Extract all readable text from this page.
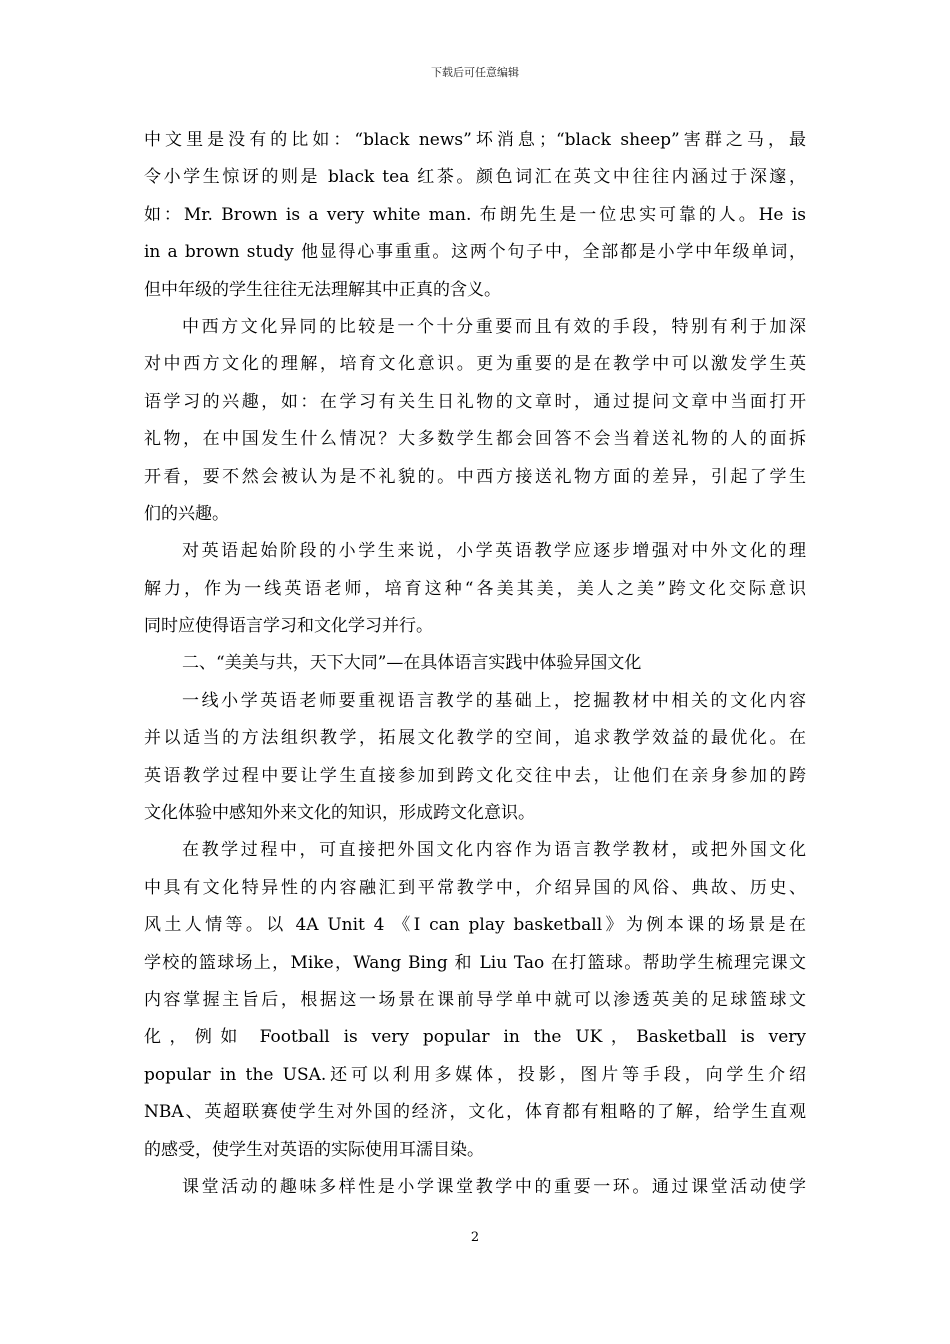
下载后可任意编辑
中文里是没有的比如：“black news”坏消息；“black sheep”害群之马，最
令小学生惊讶的则是 black tea 红茶。颜色词汇在英文中往往内涵过于深邃，
如：Mr. Brown is a very white man. 布朗先生是一位忠实可靠的人。He is
in a brown study 他显得心事重重。这两个句子中，全部都是小学中年级单词，
但中年级的学生往往无法理解其中正真的含义。
中西方文化异同的比较是一个十分重要而且有效的手段，特别有利于加深
对中西方文化的理解，培育文化意识。更为重要的是在教学中可以激发学生英
语学习的兴趣，如：在学习有关生日礼物的文章时，通过提问文章中当面打开
礼物，在中国发生什么情况？大多数学生都会回答不会当着送礼物的人的面拆
开看，要不然会被认为是不礼貌的。中西方接送礼物方面的差异，引起了学生
们的兴趣。
对英语起始阶段的小学生来说，小学英语教学应逐步增强对中外文化的理
解力，作为一线英语老师，培育这种“各美其美，美人之美”跨文化交际意识
同时应使得语言学习和文化学习并行。
二、“美美与共，天下大同”—在具体语言实践中体验异国文化
一线小学英语老师要重视语言教学的基础上，挖掘教材中相关的文化内容
并以适当的方法组织教学，拓展文化教学的空间，追求教学效益的最优化。在
英语教学过程中要让学生直接参加到跨文化交往中去，让他们在亲身参加的跨
文化体验中感知外来文化的知识，形成跨文化意识。
在教学过程中，可直接把外国文化内容作为语言教学教材，或把外国文化
中具有文化特异性的内容融汇到平常教学中，介绍异国的风俗、典故、历史、
风土人情等。以 4A Unit 4 《I can play basketball》为例本课的场景是在
学校的篮球场上，Mike，Wang Bing 和 Liu Tao 在打篮球。帮助学生梳理完课文
内容掌握主旨后，根据这一场景在课前导学单中就可以渗透英美的足球篮球文
化，例如 Football is very popular in the UK，Basketball is very
popular in the USA.还可以利用多媒体，投影，图片等手段，向学生介绍
NBA、英超联赛使学生对外国的经济，文化，体育都有粗略的了解，给学生直观
的感受，使学生对英语的实际使用耳濡目染。
课堂活动的趣味多样性是小学课堂教学中的重要一环。通过课堂活动使学
2
